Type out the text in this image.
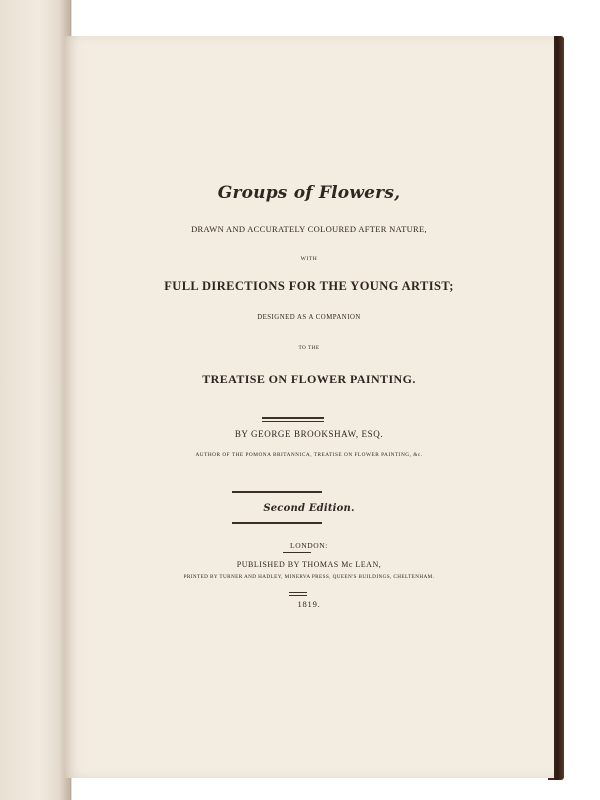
Groups of Flowers,
DRAWN AND ACCURATELY COLOURED AFTER NATURE,
WITH
FULL DIRECTIONS FOR THE YOUNG ARTIST;
DESIGNED AS A COMPANION
TO THE
TREATISE ON FLOWER PAINTING.
BY GEORGE BROOKSHAW, ESQ.
AUTHOR OF THE POMONA BRITANNICA, TREATISE ON FLOWER PAINTING, &c.
Second Edition.
LONDON:
PUBLISHED BY THOMAS Mc LEAN,
PRINTED BY TURNER AND HADLEY, MINERVA PRESS, QUEEN'S BUILDINGS, CHELTENHAM.
1819.
